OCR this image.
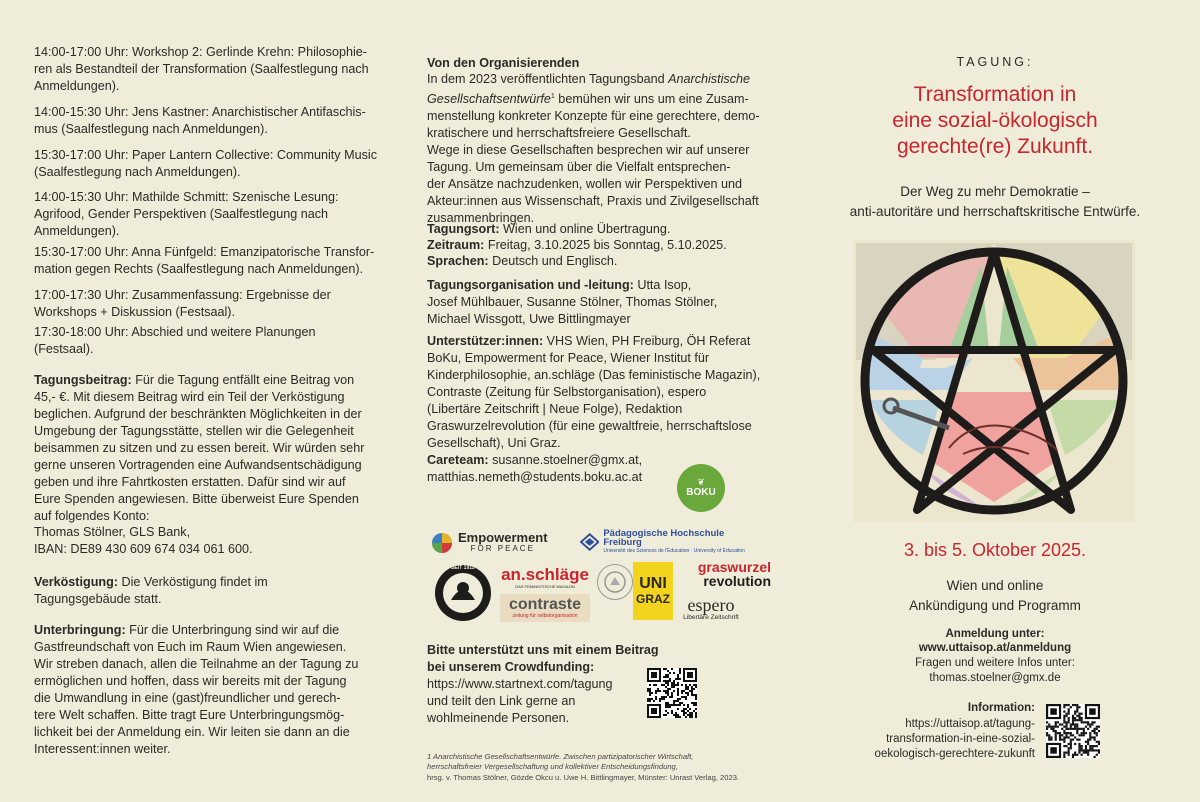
14:00-17:00 Uhr: Workshop 2: Gerlinde Krehn: Philosophie-
ren als Bestandteil der Transformation (Saalfestlegung nach
Anmeldungen).

14:00-15:30 Uhr: Jens Kastner: Anarchistischer Antifaschis-
mus (Saalfestlegung nach Anmeldungen).

15:30-17:00 Uhr: Paper Lantern Collective: Community Music
(Saalfestlegung nach Anmeldungen).

14:00-15:30 Uhr: Mathilde Schmitt: Szenische Lesung:
Agrifood, Gender Perspektiven (Saalfestlegung nach
Anmeldungen).

15:30-17:00 Uhr: Anna Fünfgeld: Emanzipatorische Transfor-
mation gegen Rechts (Saalfestlegung nach Anmeldungen).

17:00-17:30 Uhr: Zusammenfassung: Ergebnisse der
Workshops + Diskussion (Festsaal).

17:30-18:00 Uhr: Abschied und weitere Planungen
(Festsaal).

Tagungsbeitrag: Für die Tagung entfällt eine Beitrag von
45,- €. Mit diesem Beitrag wird ein Teil der Verköstigung
beglichen. Aufgrund der beschränkten Möglichkeiten in der
Umgebung der Tagungsstätte, stellen wir die Gelegenheit
beisammen zu sitzen und zu essen bereit. Wir würden sehr
gerne unseren Vortragenden eine Aufwandsentschädigung
geben und ihre Fahrtkosten erstatten. Dafür sind wir auf
Eure Spenden angewiesen. Bitte überweist Eure Spenden
auf folgendes Konto:

Thomas Stölner, GLS Bank,
IBAN: DE89 430 609 674 034 061 600.

Verköstigung: Die Verköstigung findet im
Tagungsgebäude statt.

Unterbringung: Für die Unterbringung sind wir auf die
Gastfreundschaft von Euch im Raum Wien angewiesen.
Wir streben danach, allen die Teilnahme an der Tagung zu
ermöglichen und hoffen, dass wir bereits mit der Tagung
die Umwandlung in eine (gast)freundlicher und gerech-
tere Welt schaffen. Bitte tragt Eure Unterbringungsmög-
lichkeit bei der Anmeldung ein. Wir leiten sie dann an die
Interessent:innen weiter.

Von den Organisierenden

In dem 2023 veröffentlichten Tagungsband Anarchistische
Gesellschaftsentwürfe$^1$ bemühen wir uns um eine Zusam-
menstellung konkreter Konzepte für eine gerechtere, demo-
kratischere und herrschaftsfreiere Gesellschaft.
Wege in diese Gesellschaften besprechen wir auf unserer
Tagung. Um gemeinsam über die Vielfalt entsprechen-
der Ansätze nachzudenken, wollen wir Perspektiven und
Akteur:innen aus Wissenschaft, Praxis und Zivilgesellschaft
zusammenbringen.

Tagungsort: Wien und online Übertragung.

Zeitraum: Freitag, 3.10.2025 bis Sonntag, 5.10.2025.

Sprachen: Deutsch und Englisch.

Tagungsorganisation und -leitung: Utta Isop,
Josef Mühlbauer, Susanne Stölner, Thomas Stölner,
Michael Wissgott, Uwe Bittlingmayer

Unterstützer:innen: VHS Wien, PH Freiburg, ÖH Referat
BoKu, Empowerment for Peace, Wiener Institut für
Kinderphilosophie, an.schläge (Das feministische Magazin),
Contraste (Zeitung für Selbstorganisation), espero
(Libertäre Zeitschrift | Neue Folge), Redaktion
Graswurzelrevolution (für eine gewaltfreie, herrschaftslose
Gesellschaft), Uni Graz.

Careteam: susanne.stoelner@gmx.at,
matthias.nemeth@students.boku.ac.at	❦
BOKU
Empowerment
FOR PEACE
Pädagogische Hochschule Freiburg
Université des Sciences de l'Education · University of Education
SEIT 1912 an.schläge
DAS FEMINISTISCHE MAGAZIN
contraste
zeitung für selbstorganisation
UNI
GRAZ
graswurzel
revolution
espero
Libertäre Zeitschrift

Bitte unterstützt uns mit einem Beitrag
bei unserem Crowdfunding:

https://www.startnext.com/tagung
und teilt den Link gerne an
wohlmeinende Personen.

1 Anarchistische Gesellschaftsentwürfe. Zwischen partizipatorischer Wirtschaft,
herrschaftsfreier Vergesellschaftung und kollektiver Entscheidungsfindung,

hrsg. v. Thomas Stölner, Gözde Okcu u. Uwe H. Bittlingmayer, Münster: Unrast Verlag, 2023.

TAGUNG:
Transformation in
eine sozial-ökologisch
gerechte(re) Zukunft.
Der Weg zu mehr Demokratie –
anti-autoritäre und herrschaftskritische Entwürfe.
3. bis 5. Oktober 2025.
Wien und online
Ankündigung und Programm
Anmeldung unter:
www.uttaisop.at/anmeldung
Fragen und weitere Infos unter:
thomas.stoelner@gmx.de
Information:
https://uttaisop.at/tagung-
transformation-in-eine-sozial-
oekologisch-gerechtere-zukunft
